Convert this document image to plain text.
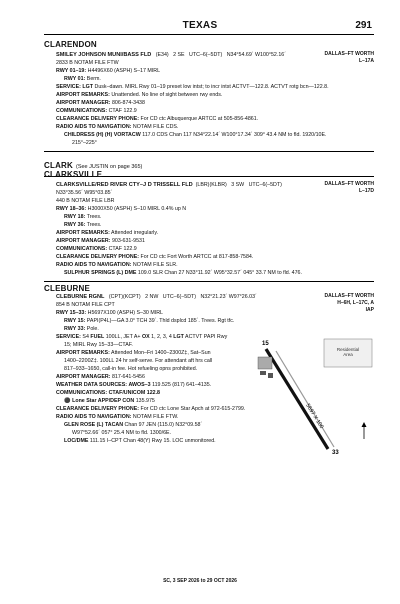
TEXAS	291
CLARENDON
SMILEY JOHNSON MUNI/BASS FLD (E34) 2 SE UTC–6(–5DT) N34°54.69´ W100°52.16´	DALLAS–FT WORTH
L–17A
2833 B NOTAM FILE FTW
RWY 01–19: H4496X60 (ASPH) S–17 MIRL
RWY 01: Berm.
SERVICE: LGT Dusk–dawn. MIRL Rwy 01–19 preset low intst; to incr intst ACTVT—122.8. ACTVT rotg bcn—122.8.
AIRPORT REMARKS: Unattended. No line of sight between rwy ends.
AIRPORT MANAGER: 806-874-3438
COMMUNICATIONS: CTAF 122.9
CLEARANCE DELIVERY PHONE: For CD ctc Albuquerque ARTCC at 505-856-4861.
RADIO AIDS TO NAVIGATION: NOTAM FILE CDS.
CHILDRESS (H) (H) VORTACW 117.0 CDS Chan 117 N34°22.14´ W100°17.34´ 309° 43.4 NM to fld. 1920/10E.
215°–225°
CLARK (See JUSTIN on page 365)
CLARKSVILLE
CLARKSVILLE/RED RIVER CTY–J D TRISSELL FLD (LBR)(KLBR) 3 SW UTC–6(–5DT)	DALLAS–FT WORTH
L–17D
N33°35.56´ W95°03.85´
440 B NOTAM FILE LBR
RWY 18–36: H3000X50 (ASPH) S–10 MIRL 0.4% up N
RWY 18: Trees.
RWY 36: Trees.
AIRPORT REMARKS: Attended irregularly.
AIRPORT MANAGER: 903-631-9531
COMMUNICATIONS: CTAF 122.9
CLEARANCE DELIVERY PHONE: For CD ctc Fort Worth ARTCC at 817-858-7584.
RADIO AIDS TO NAVIGATION: NOTAM FILE SLR.
SULPHUR SPRINGS (L) DME 109.0 SLR Chan 27 N33°11.92´ W95°32.57´ 045° 33.7 NM to fld. 476.
CLEBURNE
CLEBURNE RGNL (CPT)(KCPT) 2 NW UTC–6(–5DT) N32°21.23´ W97°26.03´	DALLAS–FT WORTH
H–6H, L–17C, A
IAP
854 B NOTAM FILE CPT
RWY 15–33: H5697X100 (ASPH) S–30 MIRL
RWY 15: PAPI(P4L)—GA 3.0° TCH 39´. Thld dsplcd 185´. Trees. Rgt tfc.
RWY 33: Pole.
SERVICE: S4 FUEL 100LL, JET A+ OX 1, 2, 3, 4 LGT ACTVT PAPI Rwy
15; MIRL Rwy 15–33—CTAF.
AIRPORT REMARKS: Attended Mon–Fri 1400–2300Z‡, Sat–Sun
1400–2200Z‡. 100LL 24 hr self-serve. For attendant aft hrs call
817–933–1650, call-in fee. Hot refueling opns prohibited.
AIRPORT MANAGER: 817-641-5456
WEATHER DATA SOURCES: AWOS–3 119.525 (817) 641–4135.
COMMUNICATIONS: CTAF/UNICOM 122.8
⚫ Lone Star APP/DEP CON 135.975
CLEARANCE DELIVERY PHONE: For CD ctc Lone Star Apch at 972-615-2799.
RADIO AIDS TO NAVIGATION: NOTAM FILE FTW.
GLEN ROSE (L) TACAN Chan 97 JEN (115.0) N32°09.58´
W97°52.66´ 057° 25.4 NM to fld. 1300/6E.
LOC/DME 111.15 I–CPT Chan 48(Y) Rwy 15. LOC unmonitored.
Residential Area
15
33
5697 X 100
SC, 3 SEP 2026 to 29 OCT 2026
